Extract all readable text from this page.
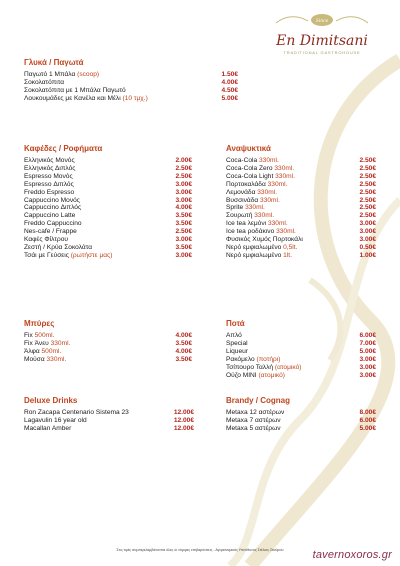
Since
En Dimitsani
TRADITIONAL GASTROHOUSE
Γλυκά / Παγωτά
Παγωτό 1 Μπάλα (scoop)	1.50€
Σοκολατόπιτα	4.00€
Σοκολατόπιτα με 1 Μπάλα Παγωτό	4.50€
Λουκουμάδες με Κανέλα και Μέλι (10 τμχ.)	5.00€
Καφέδες / Ροφήματα
Ελληνικός Μονός	2.00€
Ελληνικός Διπλός	2.50€
Espresso Μονός	2.50€
Espresso Διπλός	3.00€
Freddo Espresso	3.00€
Cappuccino Μονός	3.00€
Cappuccino Διπλός	4.00€
Cappuccino Latte	3.50€
Freddo Cappuccino	3.50€
Nes-cafe / Frappe	2.50€
Καφές Φίλτρου	3.00€
Ζεστή / Κρύα Σοκολάτα	3.50€
Τσάι με Γεύσεις (ρωτήστε μας)	3.00€
Αναψυκτικά
Coca-Cola 330ml.	2.50€
Coca-Cola Zero 330ml.	2.50€
Coca-Cola Light 330ml.	2.50€
Πορτοκαλάδα 330ml.	2.50€
Λεμονάδα 330ml.	2.50€
Βυσσινάδα 330ml.	2.50€
Sprite 330ml.	2.50€
Σουρωτή 330ml.	2.50€
Ice tea λεμόνι 330ml.	3.00€
Ice tea ροδάκινο 330ml.	3.00€
Φυσικός Χυμός Πορτοκάλι	3.00€
Νερό εμφιαλωμένο 0,5lt.	0.50€
Νερό εμφιαλωμένο 1lt.	1.00€
Μπύρες
Fix 500ml.	4.00€
Fix Άνευ 330ml.	3.50€
Άλφα 500ml.	4.00€
Μούσα 330ml.	3.50€
Ποτά
Απλό	6.00€
Special	7.00€
Liqueur	5.00€
Ρακόμελο (ποτήρι)	3.00€
Τσίπουρο Ταλλή (ατομικό)	3.00€
Ούζο MINI (ατομικό)	3.00€
Deluxe Drinks
Ron Zacapa Centenario Sistema 23	12.00€
Lagavulin 16 year old	12.00€
Macallan Amber	12.00€
Brandy / Cognag
Metaxa 12 αστέρων	8.00€
Metaxa 7 αστέρων	6.00€
Metaxa 5 αστέρων	5.00€
Στις τιμές συμπεριλαμβάνονται όλες οι νόμιμες επιβαρύνσεις - Αγορανομικός Υπεύθυνος Στέλιος Σταύρου	tavernoxoros.gr
